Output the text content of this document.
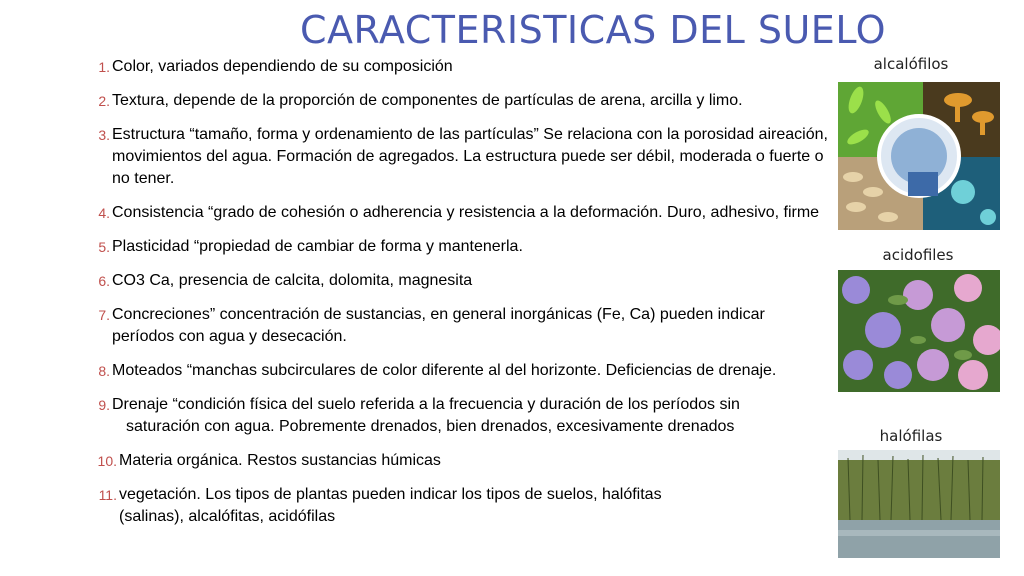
CARACTERISTICAS DEL SUELO
1. Color, variados dependiendo de su composición
2. Textura, depende de la proporción de componentes de partículas de arena, arcilla y limo.
3. Estructura “tamaño, forma y ordenamiento de las partículas” Se relaciona con la porosidad aireación, movimientos del agua. Formación de agregados. La estructura puede ser débil, moderada o fuerte o no tener.
4. Consistencia “grado de cohesión o adherencia y resistencia a la deformación. Duro, adhesivo, firme
5. Plasticidad “propiedad de cambiar de forma y mantenerla.
6. CO3 Ca, presencia de calcita, dolomita, magnesita
7. Concreciones” concentración de sustancias, en general inorgánicas (Fe, Ca) pueden indicar períodos con agua y desecación.
8. Moteados “manchas subcirculares de color diferente al del horizonte. Deficiencias de drenaje.
9. Drenaje “condición física del suelo referida a la frecuencia y duración de los períodos sin
saturación con agua. Pobremente drenados, bien drenados, excesivamente drenados
10. Materia orgánica. Restos sustancias húmicas
11. vegetación. Los tipos de plantas pueden indicar los tipos de suelos, halófitas
(salinas), alcalófitas, acidófilas
alcalófilos
acidofiles
halófilas
